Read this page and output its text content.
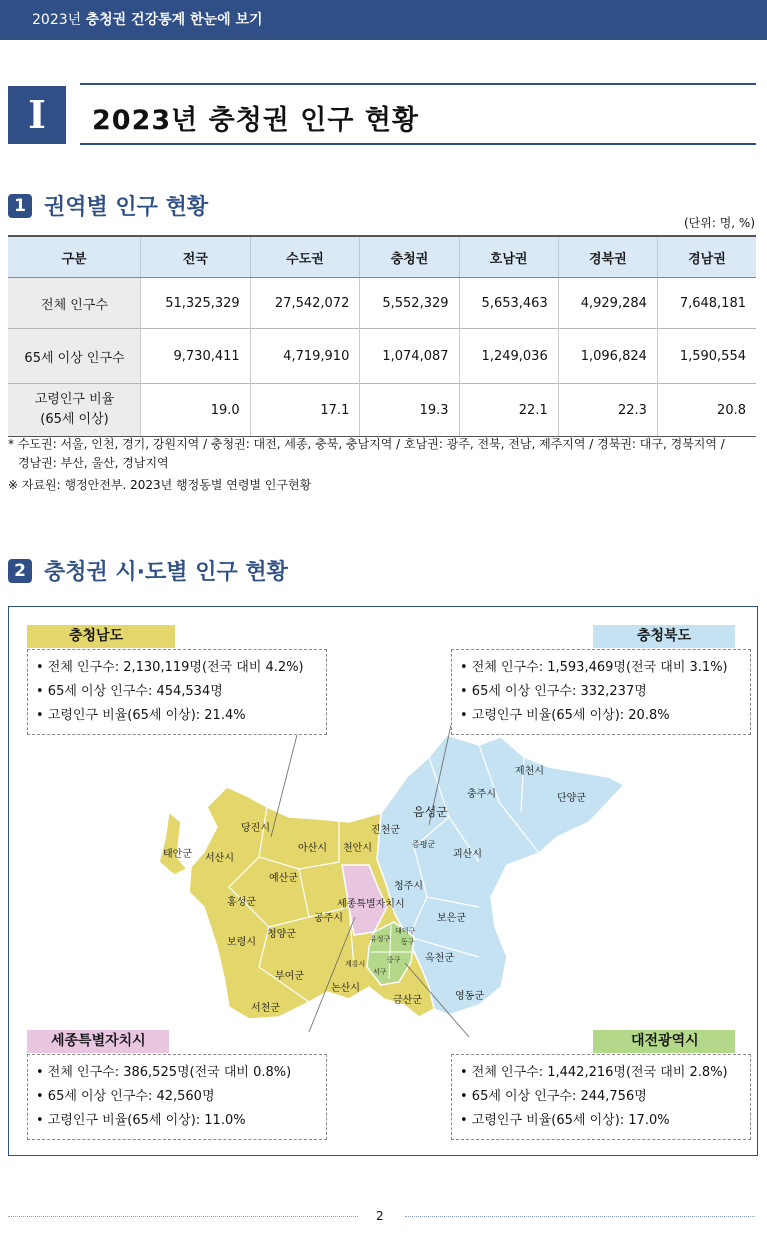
2023년 충청권 건강통계 한눈에 보기
I	2023년 충청권 인구 현황
1 권역별 인구 현황
(단위: 명, %)
구분	전국	수도권	충청권	호남권	경북권	경남권
전체 인구수	51,325,329	27,542,072	5,552,329	5,653,463	4,929,284	7,648,181
65세 이상 인구수	9,730,411	4,719,910	1,074,087	1,249,036	1,096,824	1,590,554

고령인구 비율
(65세 이상)	19.0	17.1	19.3	22.1	22.3	20.8
* 수도권: 서울, 인천, 경기, 강원지역 / 충청권: 대전, 세종, 충북, 충남지역 / 호남권: 광주, 전북, 전남, 제주지역 / 경북권: 대구, 경북지역 /
경남권: 부산, 울산, 경남지역
※ 자료원: 행정안전부. 2023년 행정동별 연령별 인구현황
2 충청권 시·도별 인구 현황
제천시
충주시	단양군
음성군
진천군
증평군
괴산시
청주시
보은군
옥천군
영동군
당진시
태안군 서산시
아산시 천안시
예산군
홍성군	세종특별자치시
공주시
청양군
보령시
부여군
논산시
금산군
서천군
계룡시
유성구
대덕구
동구
중구
서구
충청남도
• 전체 인구수: 2,130,119명(전국 대비 4.2%)
• 65세 이상 인구수: 454,534명
• 고령인구 비율(65세 이상): 21.4%
충청북도
• 전체 인구수: 1,593,469명(전국 대비 3.1%)
• 65세 이상 인구수: 332,237명
• 고령인구 비율(65세 이상): 20.8%
세종특별자치시
• 전체 인구수: 386,525명(전국 대비 0.8%)
• 65세 이상 인구수: 42,560명
• 고령인구 비율(65세 이상): 11.0%
대전광역시
• 전체 인구수: 1,442,216명(전국 대비 2.8%)
• 65세 이상 인구수: 244,756명
• 고령인구 비율(65세 이상): 17.0%
2
